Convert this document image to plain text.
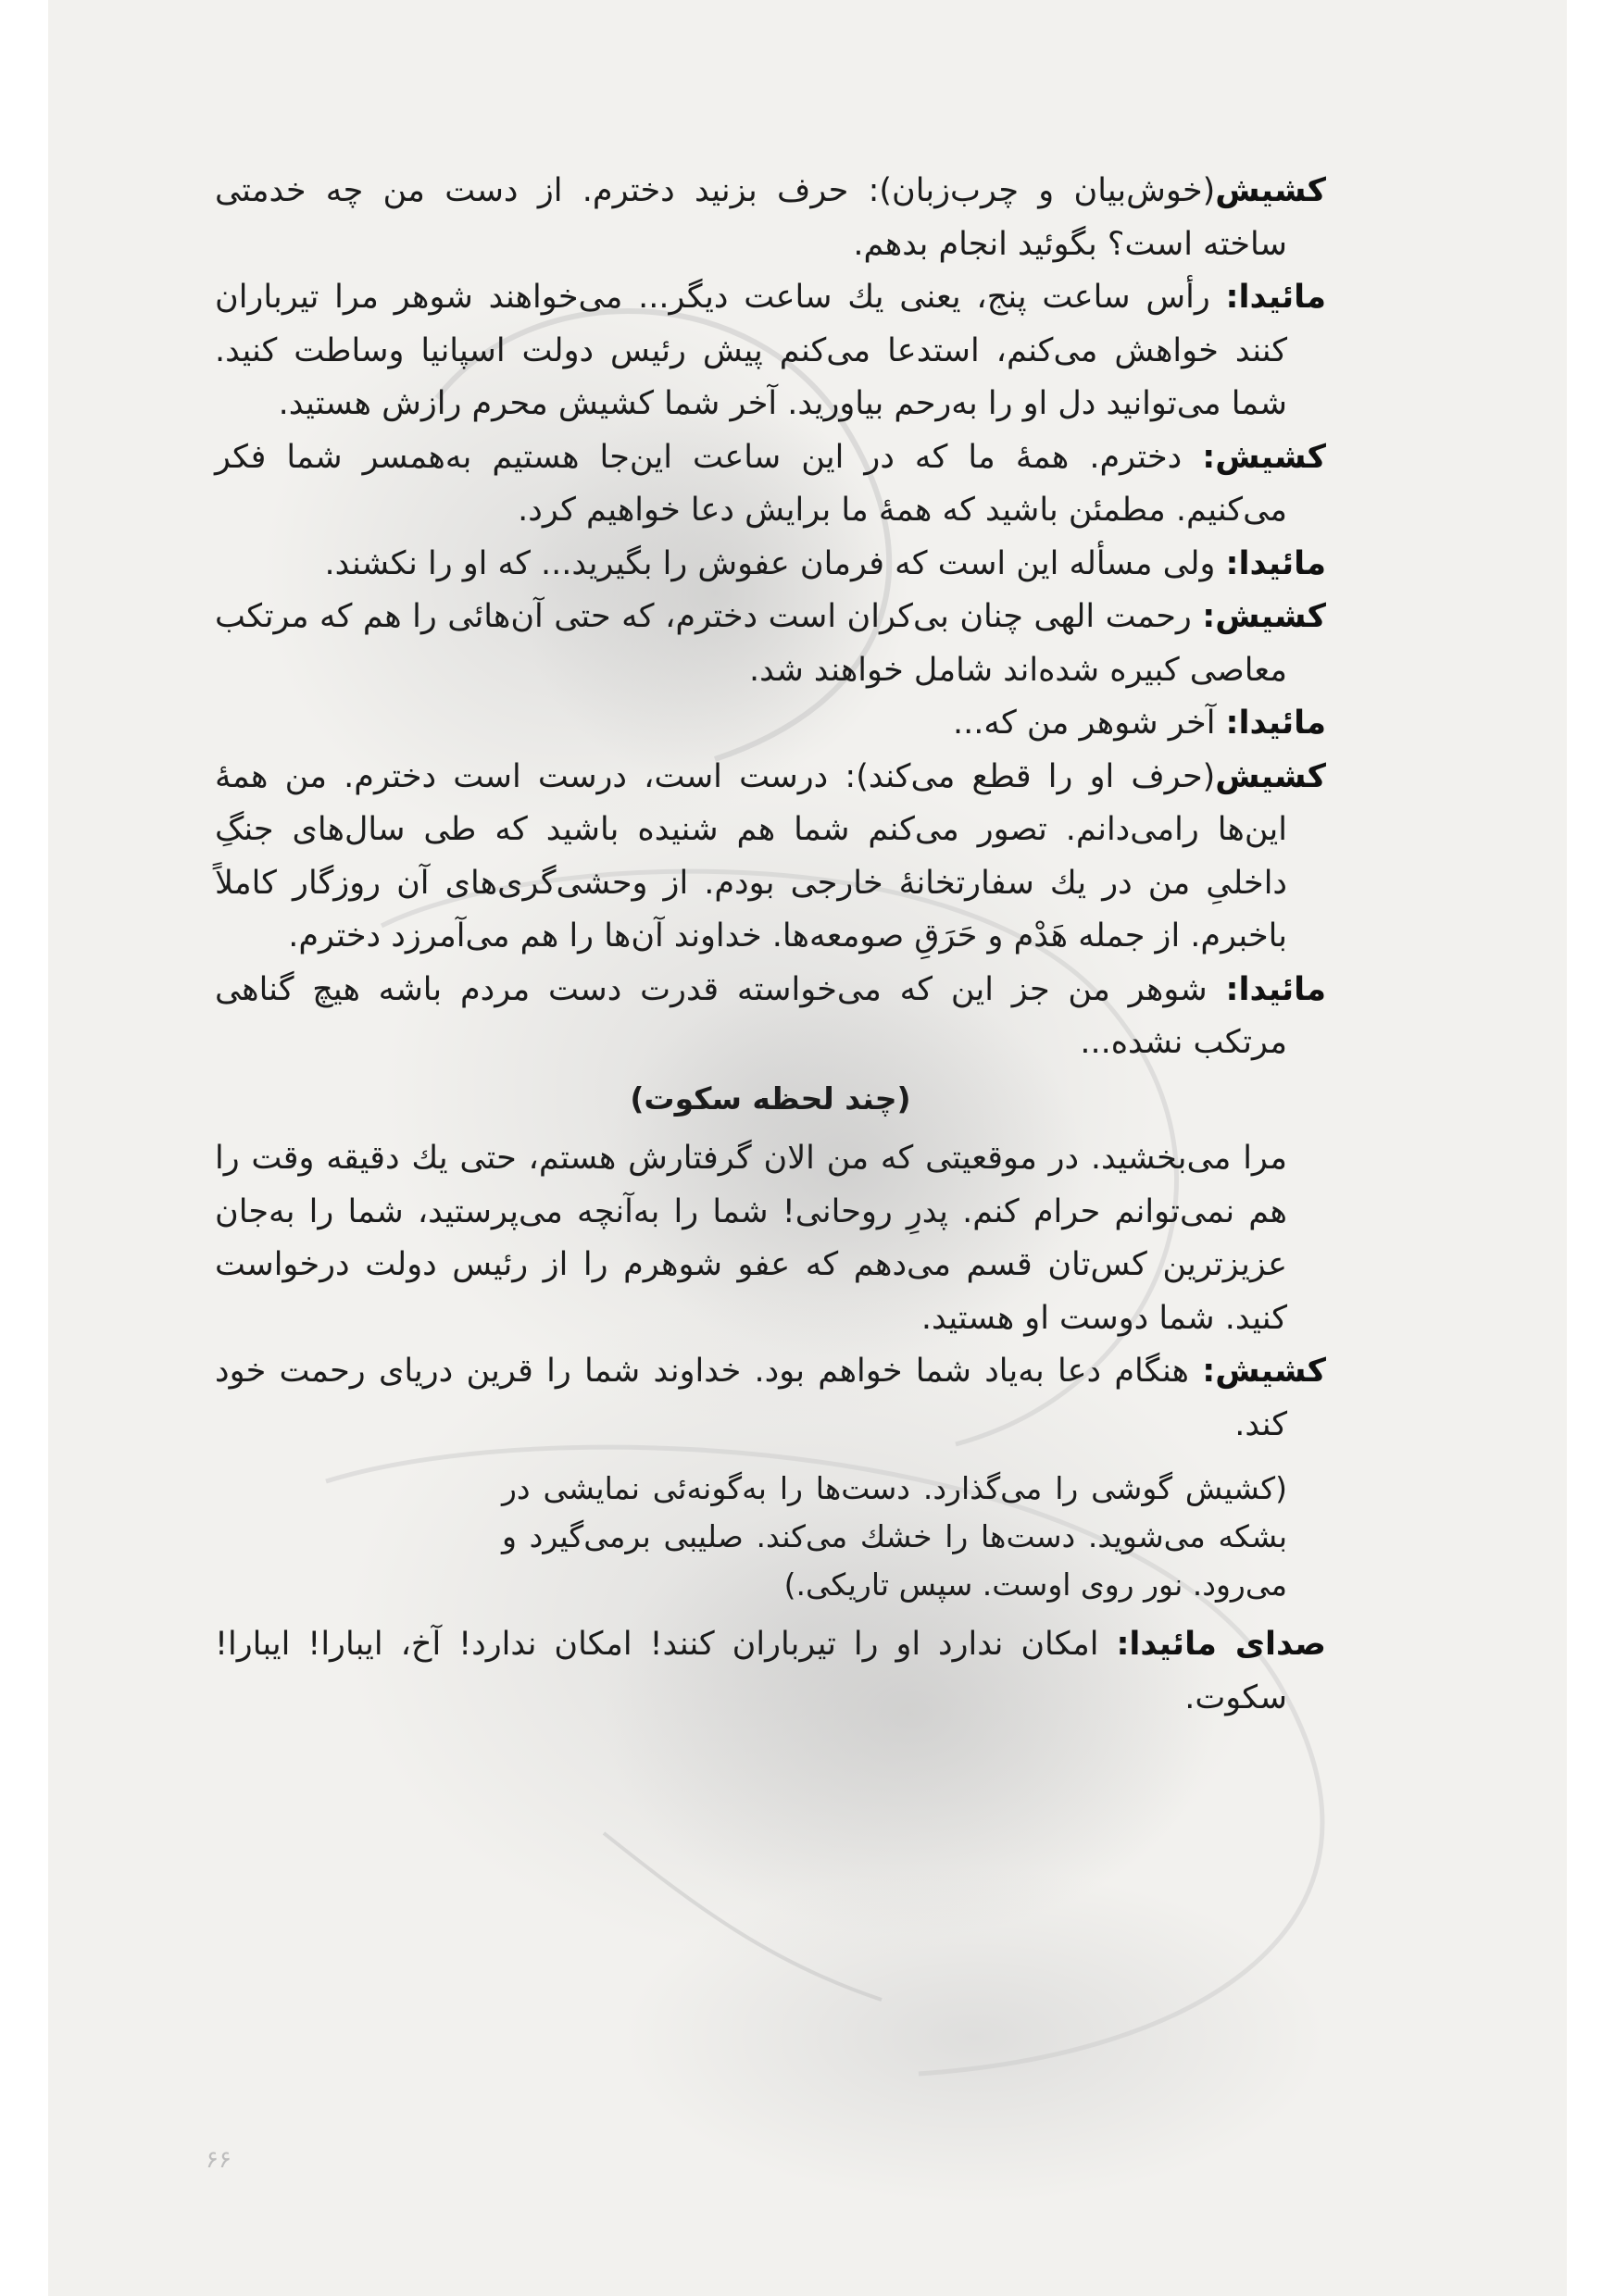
کشیش(خوش‌بیان و چرب‌زبان): حرف بزنید دخترم. از دست من چه خدمتی ساخته است؟ بگوئید انجام بدهم.

مائیدا: رأس ساعت پنج، یعنی یك ساعت دیگر... می‌خواهند شوهر مرا تیرباران کنند خواهش می‌کنم، استدعا می‌کنم پیش رئیس دولت اسپانیا وساطت کنید. شما می‌توانید دل او را به‌رحم بیاورید. آخر شما کشیش محرم رازش هستید.

کشیش: دخترم. همهٔ ما که در این ساعت این‌جا هستیم به‌همسر شما فکر می‌کنیم. مطمئن باشید که همهٔ ما برایش دعا خواهیم کرد.

مائیدا: ولی مسأله این است که فرمان عفوش را بگیرید... که او را نکشند.

کشیش: رحمت الهی چنان بی‌کران است دخترم، که حتی آن‌هائی را هم که مرتکب معاصی کبیره شده‌اند شامل خواهند شد.

مائیدا: آخر شوهر من که...

کشیش(حرف او را قطع می‌کند): درست است، درست است دخترم. من همهٔ این‌ها رامی‌دانم. تصور می‌کنم شما هم شنیده باشید که طی سال‌های جنگِ داخلیِ من در یك سفارتخانهٔ خارجی بودم. از وحشی‌گری‌های آن روزگار کاملاً باخبرم. از جمله هَدْم و حَرَقِ صومعه‌ها. خداوند آن‌ها را هم می‌آمرزد دخترم.

مائیدا: شوهر من جز این که می‌خواسته قدرت دست مردم باشه هیچ گناهی مرتکب نشده...

(چند لحظه سکوت)

مرا می‌بخشید. در موقعیتی که من الان گرفتارش هستم، حتی یك دقیقه وقت را هم نمی‌توانم حرام کنم. پدرِ روحانی! شما را به‌آنچه می‌پرستید، شما را به‌جان عزیزترین کس‌تان قسم می‌دهم که عفو شوهرم را از رئیس دولت درخواست کنید. شما دوست او هستید.

کشیش: هنگام دعا به‌یاد شما خواهم بود. خداوند شما را قرین دریای رحمت خود کند.

(کشیش گوشی را می‌گذارد. دست‌ها را به‌گونه‌ئی نمایشی در بشکه می‌شوید. دست‌ها را خشك می‌کند. صلیبی برمی‌گیرد و می‌رود. نور روی اوست. سپس تاریکی.)

صدای مائیدا: امکان ندارد او را تیرباران کنند! امکان ندارد! آخ، ایبارا! ایبارا! سکوت.

۶۶
